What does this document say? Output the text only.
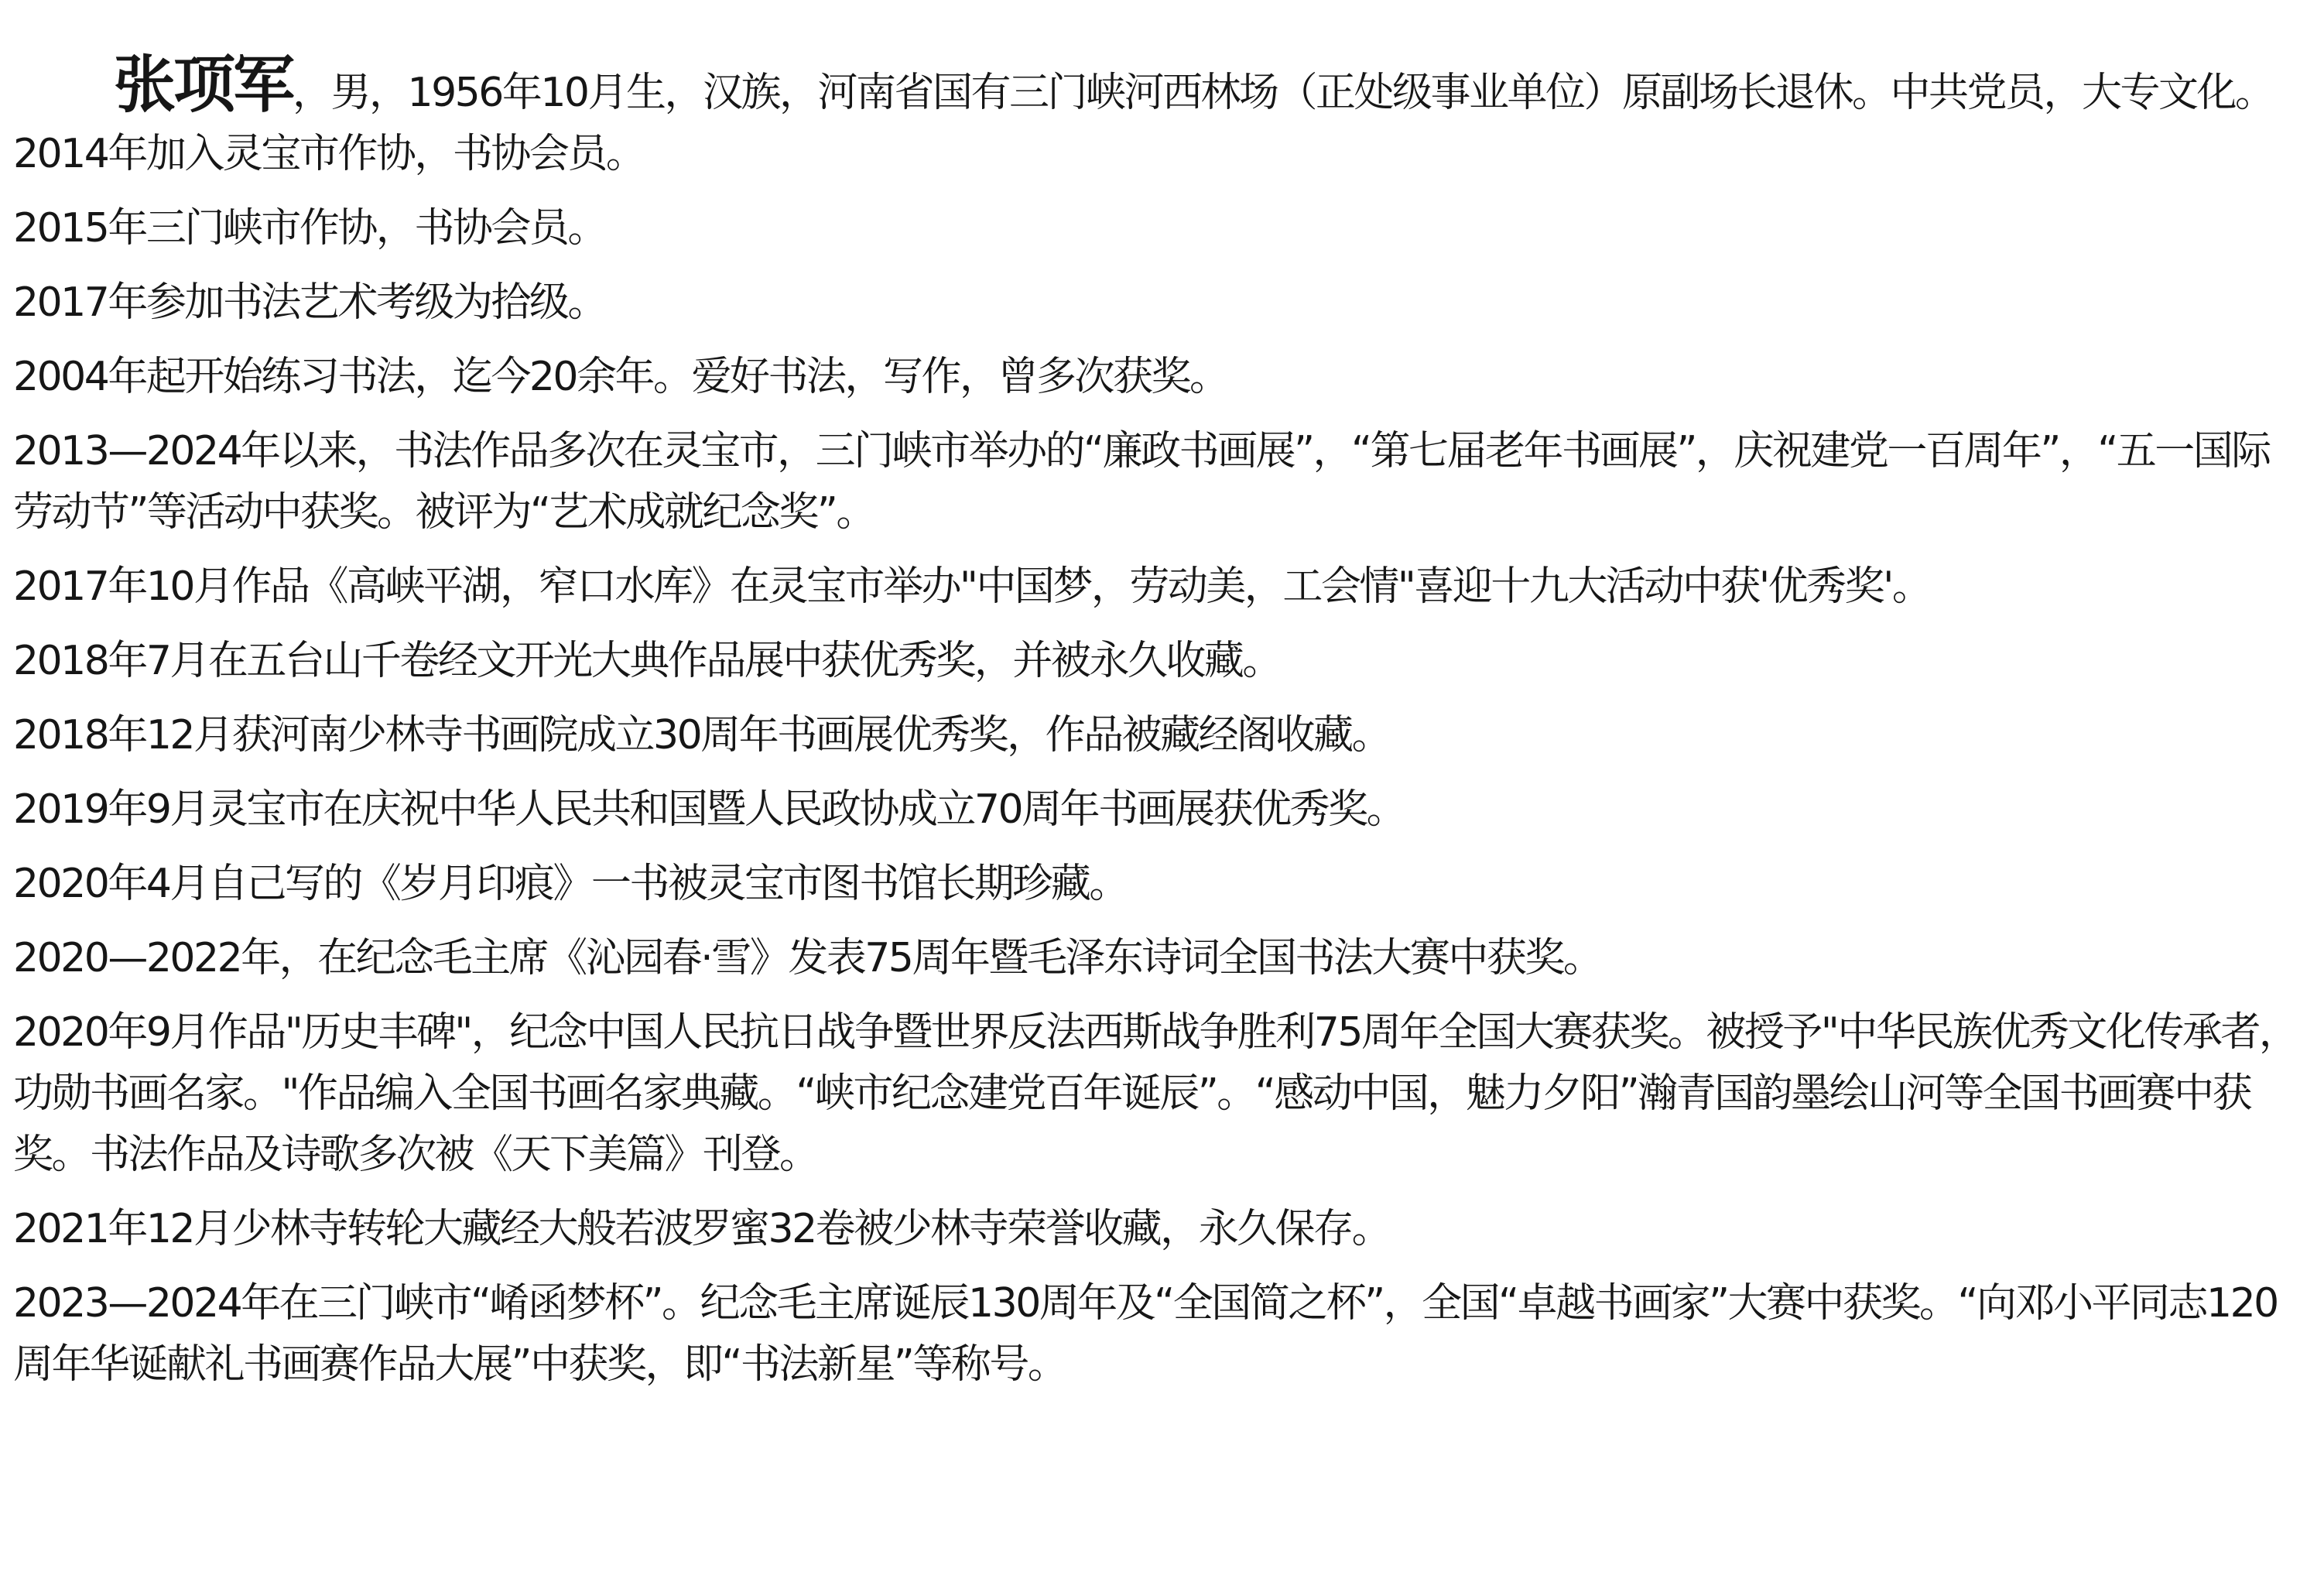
张项军，男，1956年10月生，汉族，河南省国有三门峡河西林场（正处级事业单位）原副场长退休。中共党员，大专文化。

2014年加入灵宝市作协，书协会员。

2015年三门峡市作协，书协会员。

2017年参加书法艺术考级为拾级。

2004年起开始练习书法，迄今20余年。爱好书法，写作，曾多次获奖。

2013—2024年以来，书法作品多次在灵宝市，三门峡市举办的“廉政书画展”，“第七届老年书画展”，庆祝建党一百周年”，“五一国际劳动节”等活动中获奖。被评为“艺术成就纪念奖”。

2017年10月作品《高峡平湖，窄口水库》在灵宝市举办"中国梦，劳动美，工会情"喜迎十九大活动中获'优秀奖'。

2018年7月在五台山千卷经文开光大典作品展中获优秀奖，并被永久收藏。

2018年12月获河南少林寺书画院成立30周年书画展优秀奖，作品被藏经阁收藏。

2019年9月灵宝市在庆祝中华人民共和国暨人民政协成立70周年书画展获优秀奖。

2020年4月自己写的《岁月印痕》一书被灵宝市图书馆长期珍藏。

2020—2022年，在纪念毛主席《沁园春·雪》发表75周年暨毛泽东诗词全国书法大赛中获奖。

2020年9月作品"历史丰碑"，纪念中国人民抗日战争暨世界反法西斯战争胜利75周年全国大赛获奖。被授予"中华民族优秀文化传承者，功勋书画名家。"作品编入全国书画名家典藏。“峡市纪念建党百年诞辰”。“感动中国，魅力夕阳”瀚青国韵墨绘山河等全国书画赛中获奖。书法作品及诗歌多次被《天下美篇》刊登。

2021年12月少林寺转轮大藏经大般若波罗蜜32卷被少林寺荣誉收藏，永久保存。

2023—2024年在三门峡市“崤函梦杯”。纪念毛主席诞辰130周年及“全国简之杯”，全国“卓越书画家”大赛中获奖。“向邓小平同志120周年华诞献礼书画赛作品大展”中获奖，即“书法新星”等称号。
